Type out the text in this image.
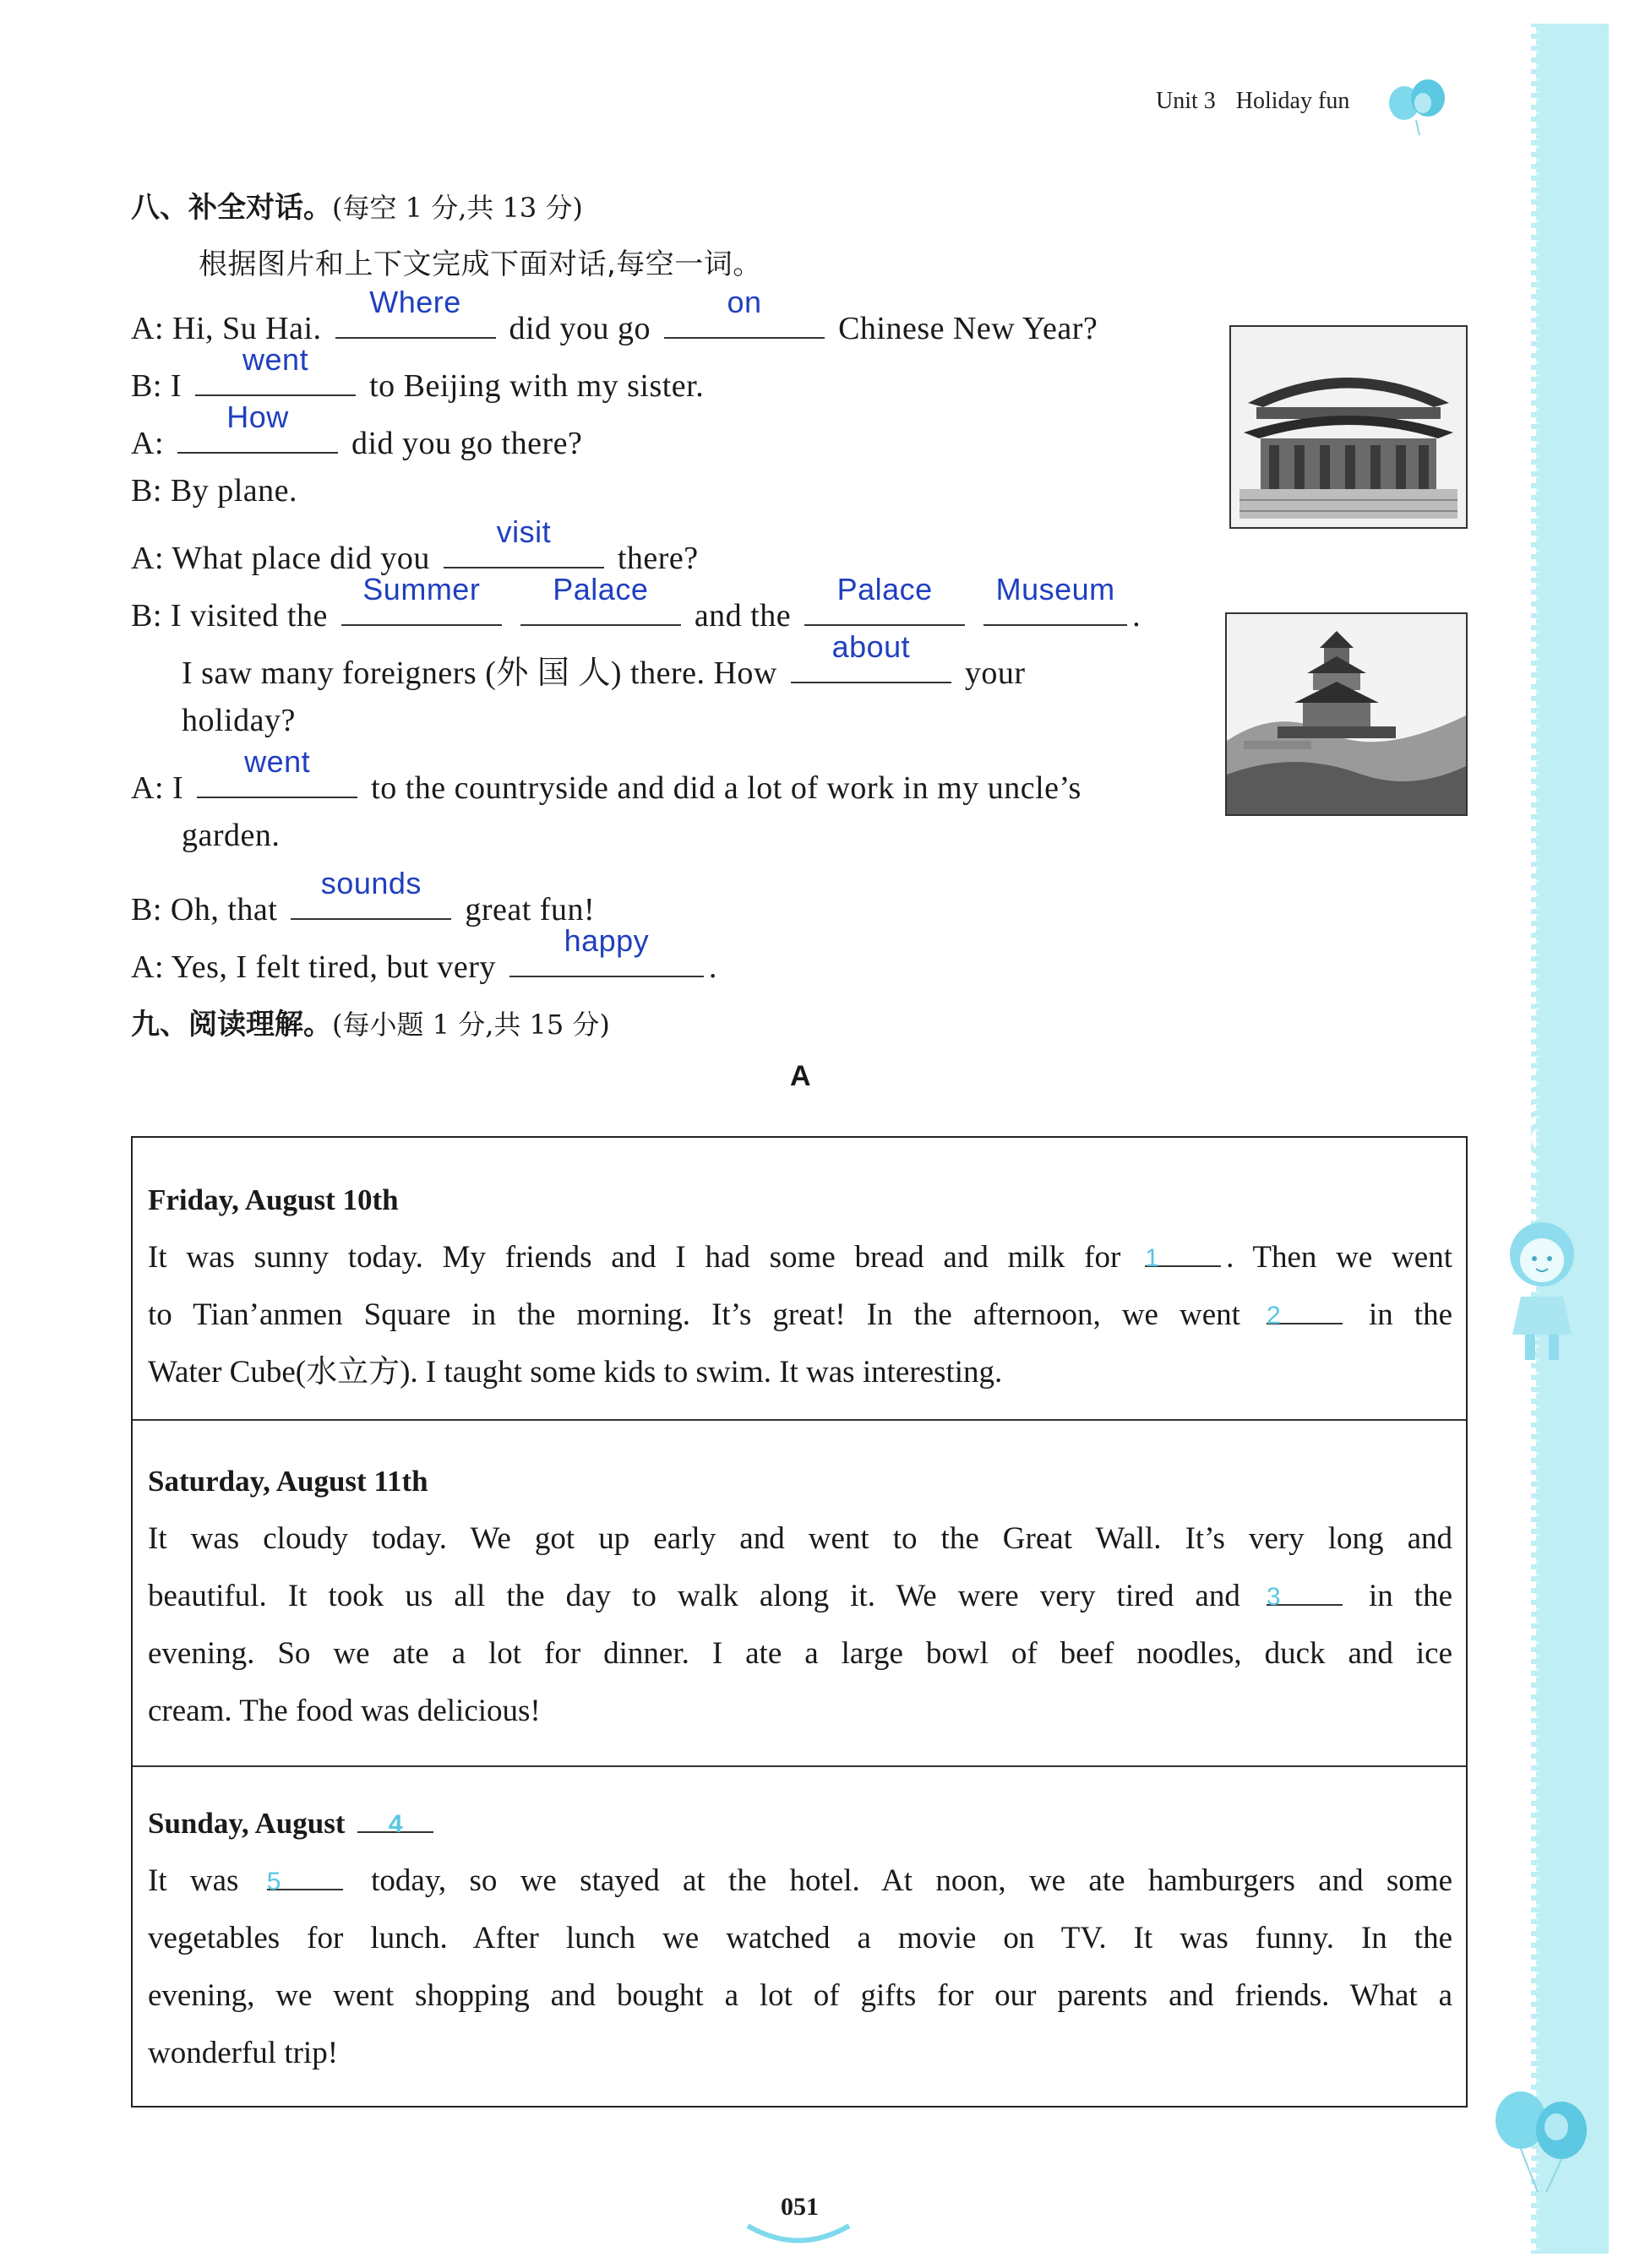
Unit 3 Holiday fun
八、补全对话。(每空 1 分,共 13 分)
根据图片和上下文完成下面对话,每空一词。
A: Hi, Su Hai.
Where
did you go
on
Chinese New Year?
B: I
went
to Beijing with my sister.
A:
How
did you go there?
B: By plane.
A: What place did you
visit
there?
B: I visited the
Summer
	Palace
and the
Palace
	Museum
.
I saw many foreigners (外 国 人) there. How
about
your
holiday?
A: I
went
to the countryside and did a lot of work in my uncle’s
garden.
B: Oh, that
sounds
great fun!
A: Yes, I felt tired, but very
happy
.
九、阅读理解。(每小题 1 分,共 15 分)
A
Friday, August 10th
It was sunny today. My friends and I had some bread and milk for 1	. Then we went
to Tian’anmen Square in the morning. It’s great! In the afternoon, we went 2	in the
Water Cube(水立方). I taught some kids to swim. It was interesting.
Saturday, August 11th
It was cloudy today. We got up early and went to the Great Wall. It’s very long and
beautiful. It took us all the day to walk along it. We were very tired and 3	in the
evening. So we ate a lot for dinner. I ate a large bowl of beef noodles, duck and ice
cream. The food was delicious!
Sunday, August	4
It was 5	today, so we stayed at the hotel. At noon, we ate hamburgers and some
vegetables for lunch. After lunch we watched a movie on TV. It was funny. In the
evening, we went shopping and bought a lot of gifts for our parents and friends. What a
wonderful trip!
051
